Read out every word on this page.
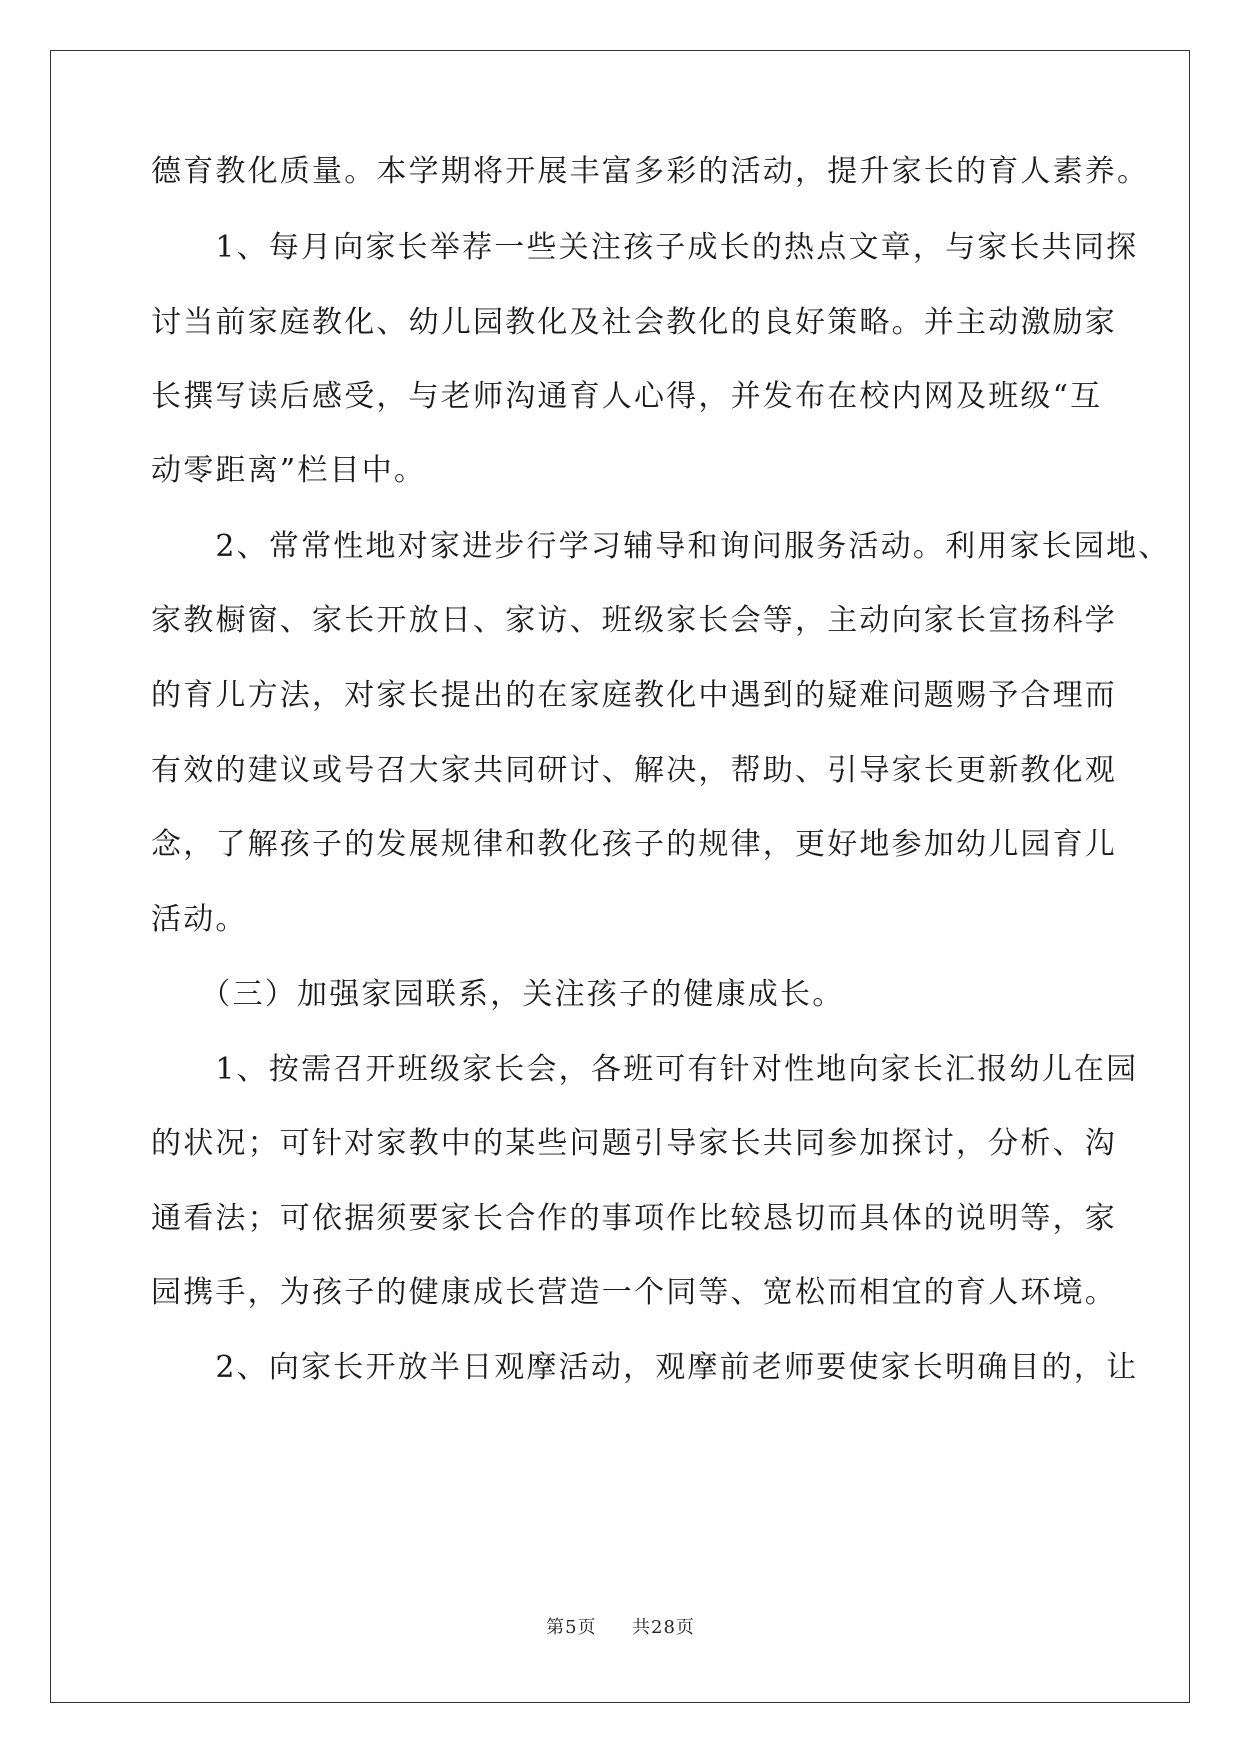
德育教化质量。本学期将开展丰富多彩的活动，提升家长的育人素养。
　　1、每月向家长举荐一些关注孩子成长的热点文章，与家长共同探
讨当前家庭教化、幼儿园教化及社会教化的良好策略。并主动激励家
长撰写读后感受，与老师沟通育人心得，并发布在校内网及班级“互
动零距离”栏目中。
　　2、常常性地对家进步行学习辅导和询问服务活动。利用家长园地、
家教橱窗、家长开放日、家访、班级家长会等，主动向家长宣扬科学
的育儿方法，对家长提出的在家庭教化中遇到的疑难问题赐予合理而
有效的建议或号召大家共同研讨、解决，帮助、引导家长更新教化观
念，了解孩子的发展规律和教化孩子的规律，更好地参加幼儿园育儿
活动。
　　（三）加强家园联系，关注孩子的健康成长。
　　1、按需召开班级家长会，各班可有针对性地向家长汇报幼儿在园
的状况；可针对家教中的某些问题引导家长共同参加探讨，分析、沟
通看法；可依据须要家长合作的事项作比较恳切而具体的说明等，家
园携手，为孩子的健康成长营造一个同等、宽松而相宜的育人环境。
　　2、向家长开放半日观摩活动，观摩前老师要使家长明确目的，让
第5页 共28页
